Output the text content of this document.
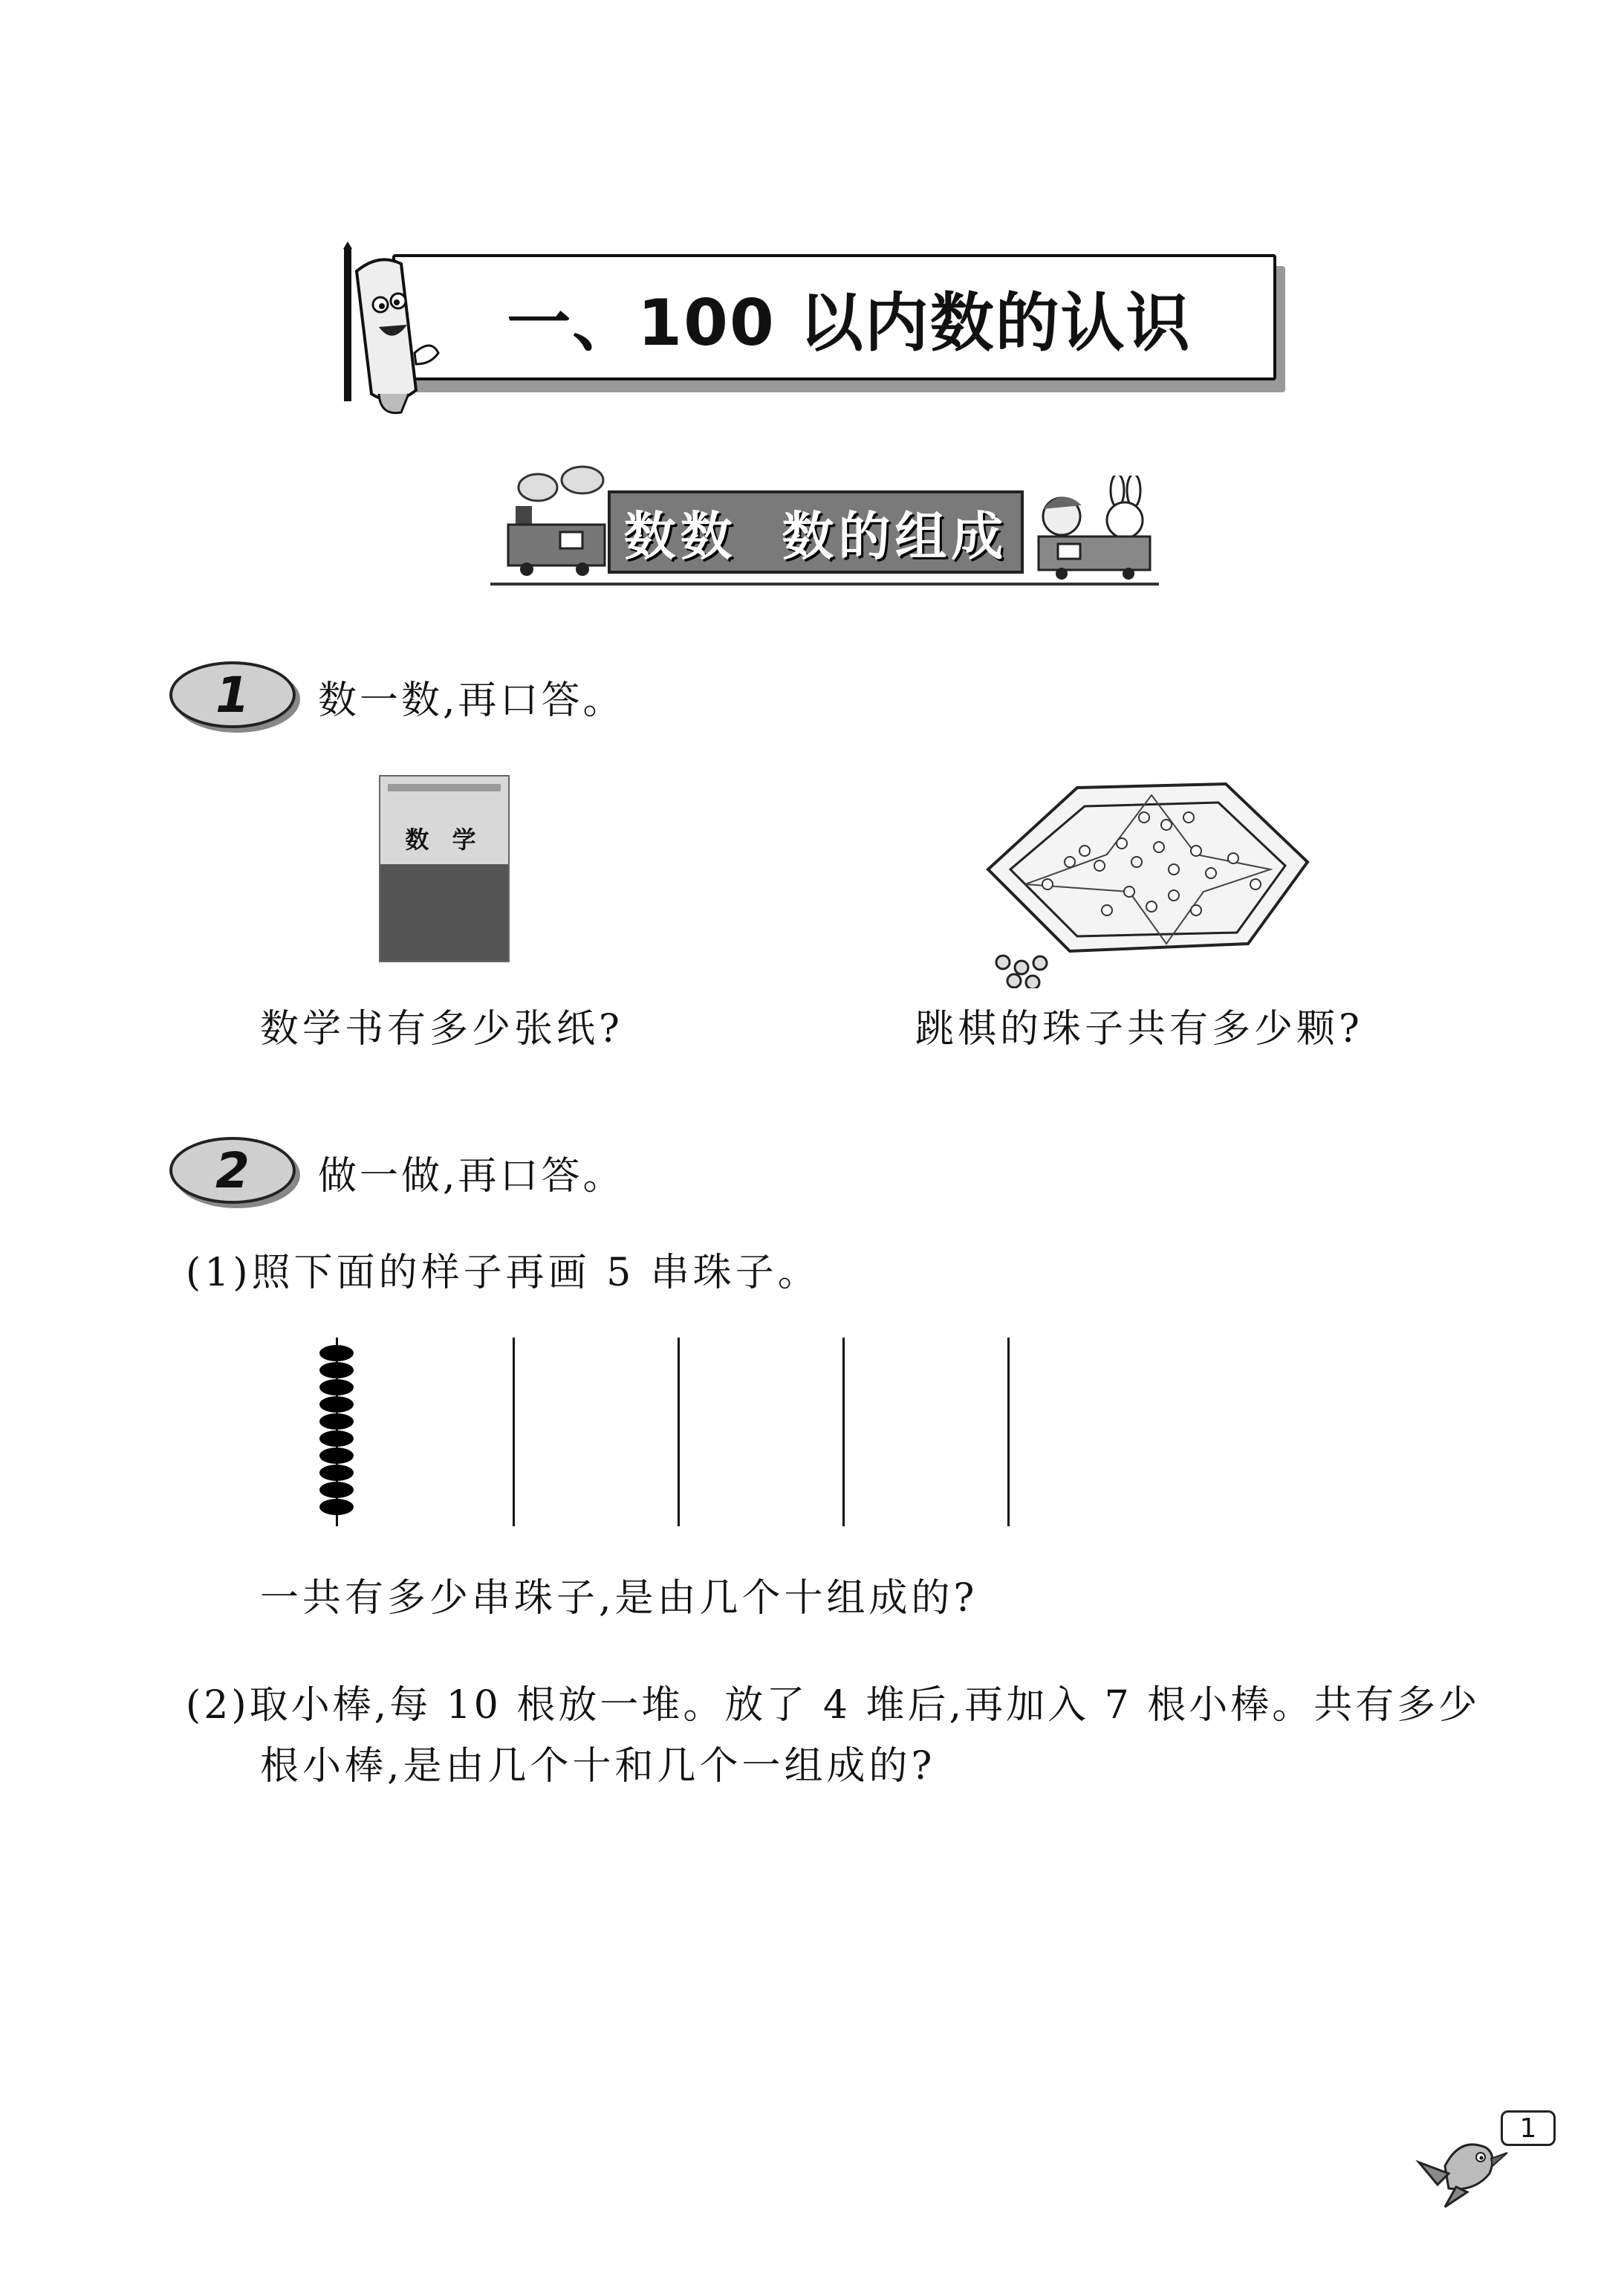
一、100 以内数的认识
数数  数的组成
1 数一数,再口答。
数 学
数学书有多少张纸?	跳棋的珠子共有多少颗?
2 做一做,再口答。
(1)照下面的样子再画 5 串珠子。
一共有多少串珠子,是由几个十组成的?
(2)取小棒,每 10 根放一堆。放了 4 堆后,再加入 7 根小棒。共有多少
根小棒,是由几个十和几个一组成的?
1
